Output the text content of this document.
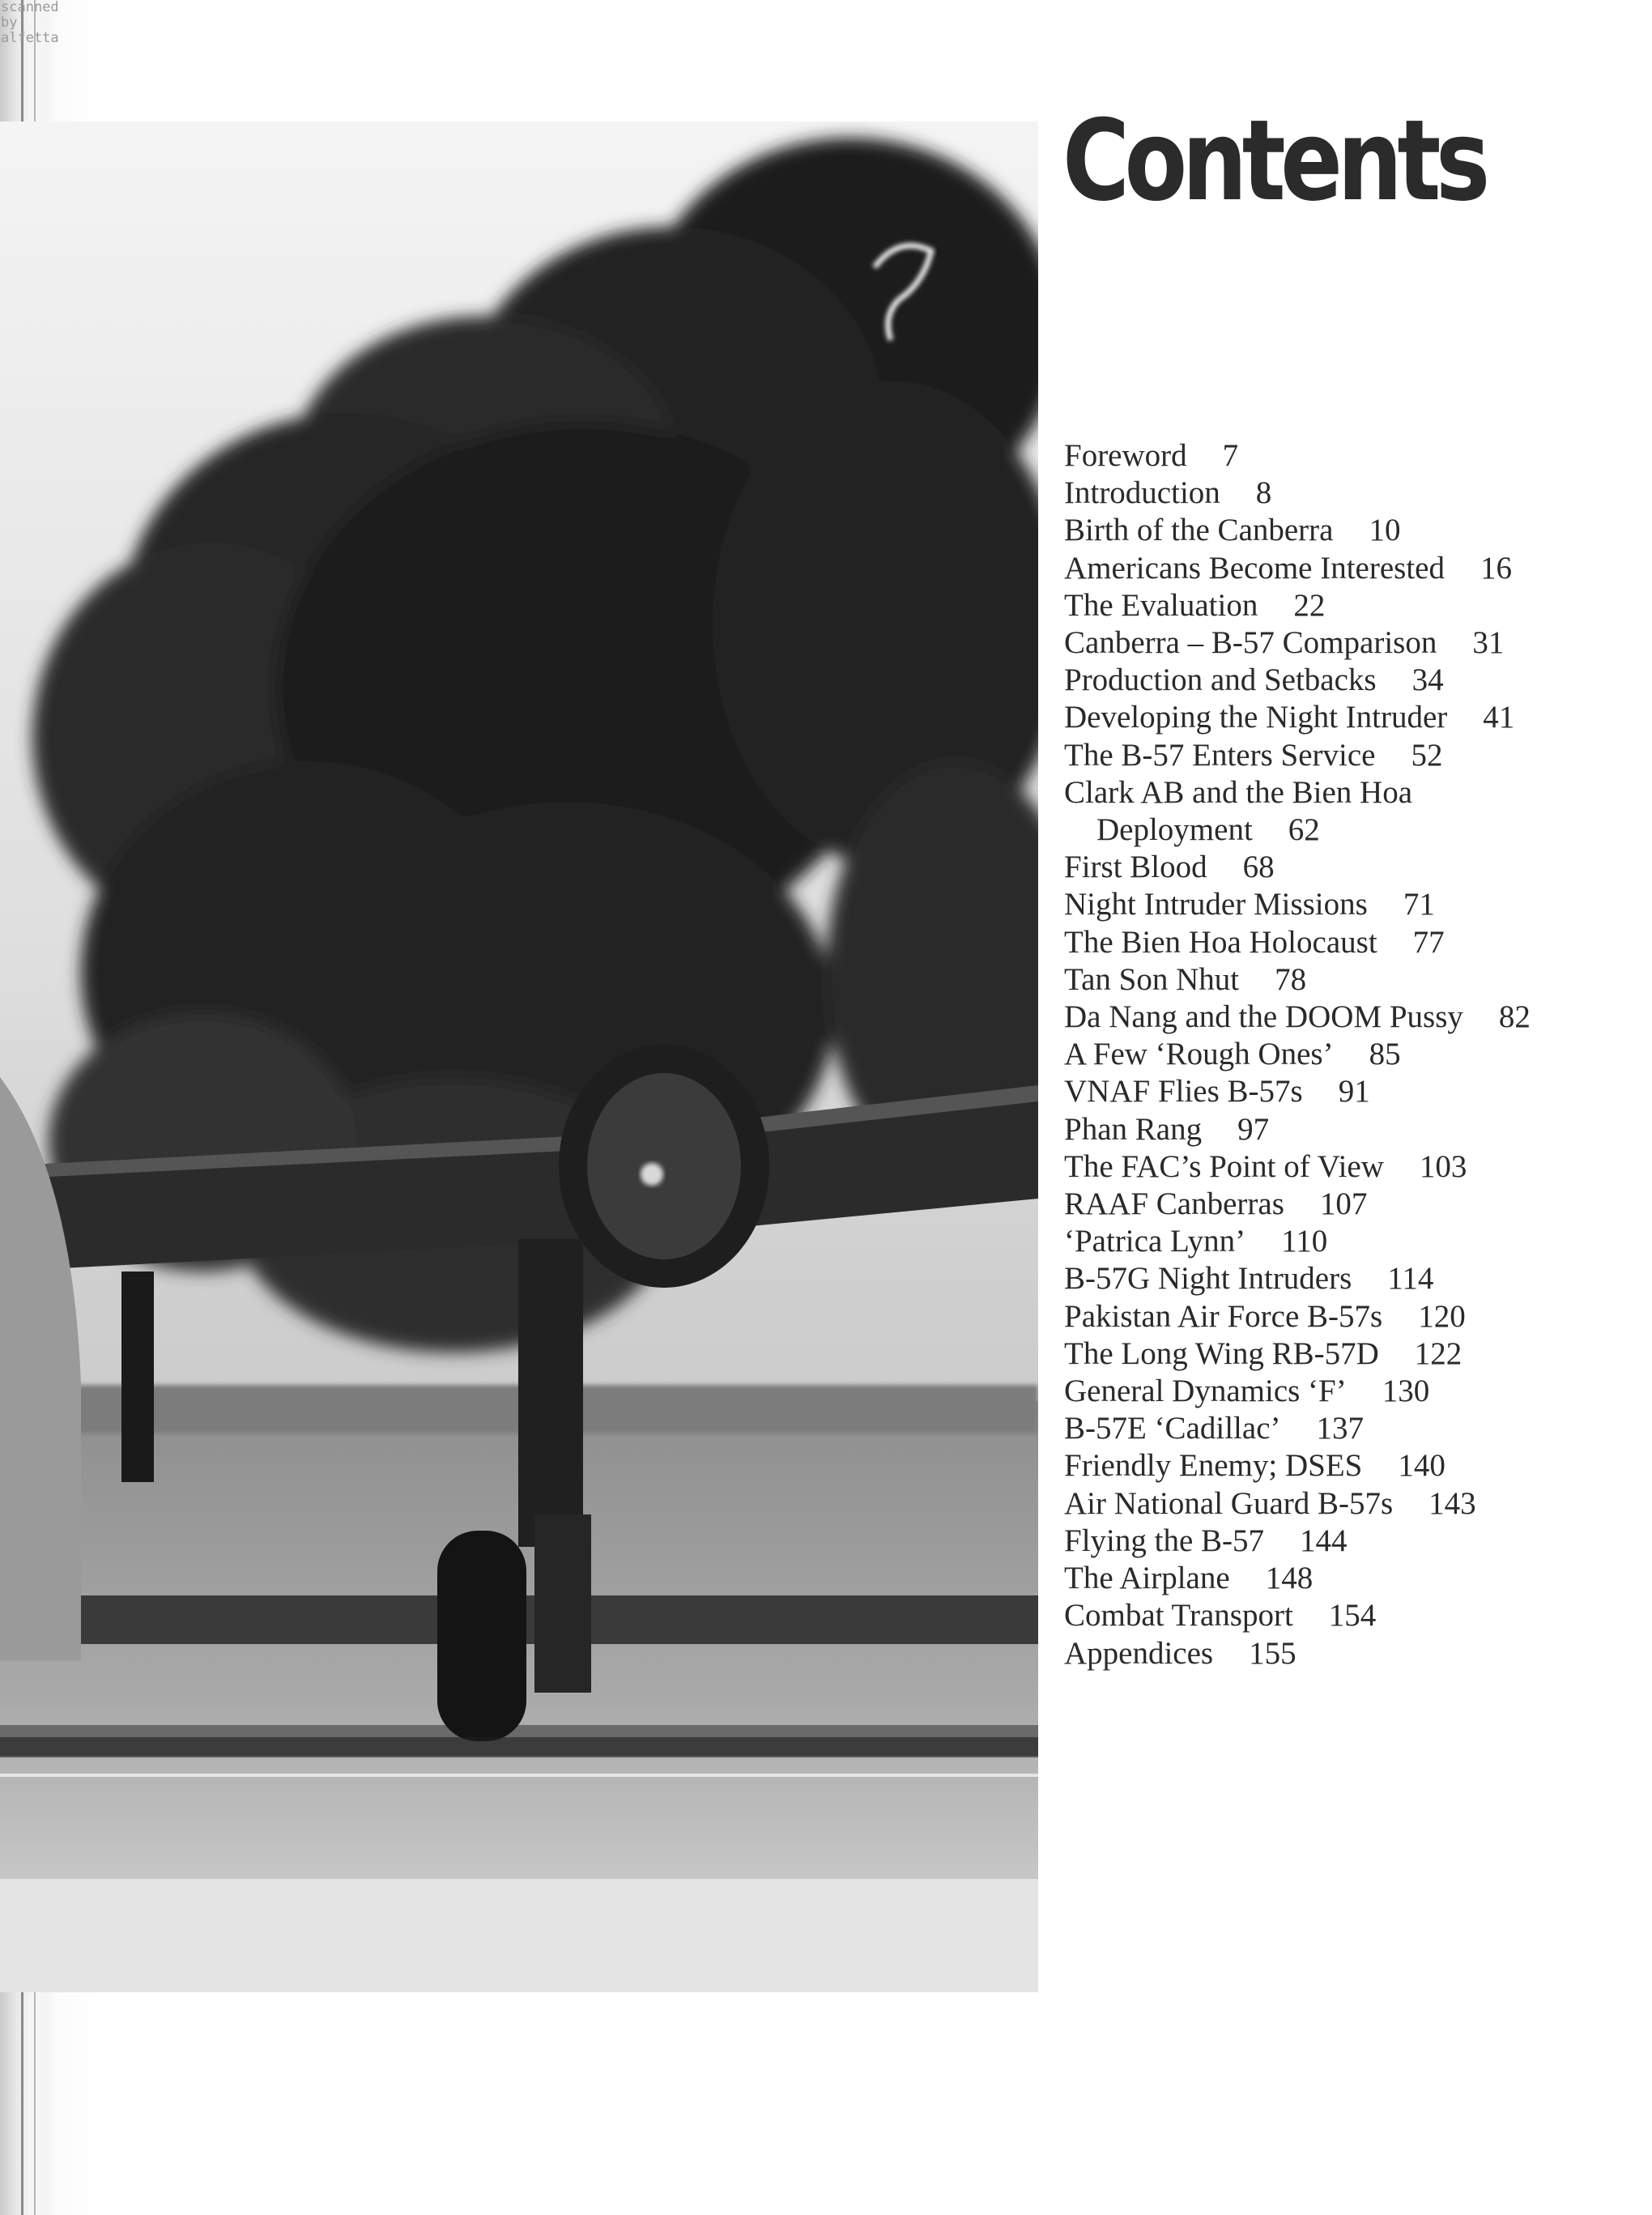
scanned
by
alfetta

Contents
Foreword 7
Introduction 8
Birth of the Canberra 10
Americans Become Interested 16
The Evaluation 22
Canberra – B-57 Comparison 31
Production and Setbacks 34
Developing the Night Intruder 41
The B-57 Enters Service 52
Clark AB and the Bien Hoa Deployment 62
First Blood 68
Night Intruder Missions 71
The Bien Hoa Holocaust 77
Tan Son Nhut 78
Da Nang and the DOOM Pussy 82
A Few ‘Rough Ones’ 85
VNAF Flies B-57s 91
Phan Rang 97
The FAC’s Point of View 103
RAAF Canberras 107
‘Patrica Lynn’ 110
B-57G Night Intruders 114
Pakistan Air Force B-57s 120
The Long Wing RB-57D 122
General Dynamics ‘F’ 130
B-57E ‘Cadillac’ 137
Friendly Enemy; DSES 140
Air National Guard B-57s 143
Flying the B-57 144
The Airplane 148
Combat Transport 154
Appendices 155
